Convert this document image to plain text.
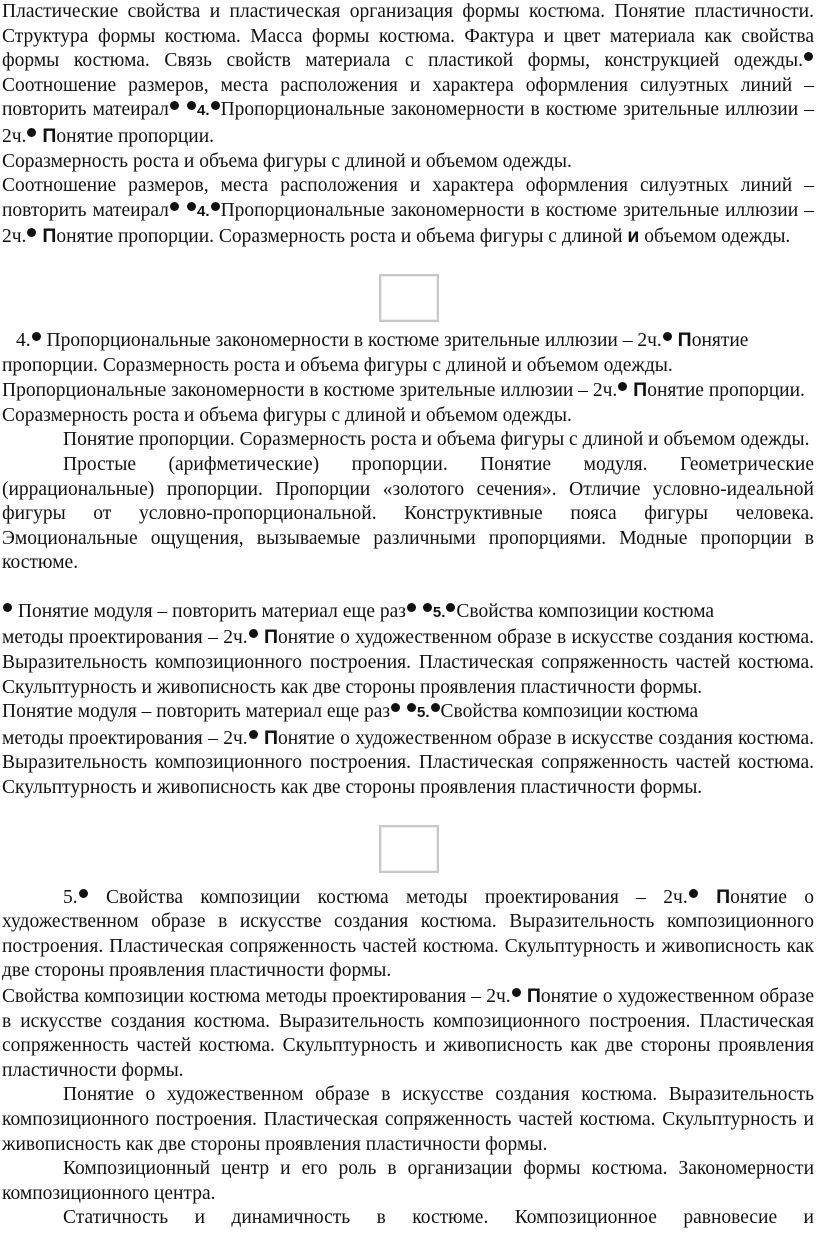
Пластические свойства и пластическая организация формы костюма. Понятие пластичности. Структура формы костюма. Масса формы костюма. Фактура и цвет материала как свойства формы костюма. Связь свойств материала с пластикой формы, конструкцией одежды. Соотношение размеров, места расположения и характера оформления силуэтных линий – повторить матеирал 4. Пропорциональные закономерности в костюме зрительные иллюзии – 2ч. Понятие пропорции.

Соразмерность роста и объема фигуры с длиной и объемом одежды.

Соотношение размеров, места расположения и характера оформления силуэтных линий – повторить матеирал 4. Пропорциональные закономерности в костюме зрительные иллюзии – 2ч. Понятие пропорции. Соразмерность роста и объема фигуры с длиной и объемом одежды.

4. Пропорциональные закономерности в костюме зрительные иллюзии – 2ч. Понятие пропорции. Соразмерность роста и объема фигуры с длиной и объемом одежды.

Пропорциональные закономерности в костюме зрительные иллюзии – 2ч. Понятие пропорции. Соразмерность роста и объема фигуры с длиной и объемом одежды.

Понятие пропорции. Соразмерность роста и объема фигуры с длиной и объемом одежды.

Простые (арифметические) пропорции. Понятие модуля. Геометрические (иррациональные) пропорции. Пропорции «золотого сечения». Отличие условно-идеальной фигуры от условно-пропорциональной. Конструктивные пояса фигуры человека. Эмоциональные ощущения, вызываемые различными пропорциями. Модные пропорции в костюме.

Понятие модуля – повторить материал еще раз 5. Свойства композиции костюма
методы проектирования – 2ч. Понятие о художественном образе в искусстве создания костюма. Выразительность композиционного построения. Пластическая сопряженность частей костюма. Скульптурность и живописность как две стороны проявления пластичности формы.

Понятие модуля – повторить материал еще раз 5. Свойства композиции костюма
методы проектирования – 2ч. Понятие о художественном образе в искусстве создания костюма. Выразительность композиционного построения. Пластическая сопряженность частей костюма. Скульптурность и живописность как две стороны проявления пластичности формы.

5. Свойства композиции костюма методы проектирования – 2ч. Понятие о художественном образе в искусстве создания костюма. Выразительность композиционного построения. Пластическая сопряженность частей костюма. Скульптурность и живописность как две стороны проявления пластичности формы.

Свойства композиции костюма методы проектирования – 2ч. Понятие о художественном образе в искусстве создания костюма. Выразительность композиционного построения. Пластическая сопряженность частей костюма. Скульптурность и живописность как две стороны проявления пластичности формы.

Понятие о художественном образе в искусстве создания костюма. Выразительность композиционного построения. Пластическая сопряженность частей костюма. Скульптурность и живописность как две стороны проявления пластичности формы.

Композиционный центр и его роль в организации формы костюма. Закономерности композиционного центра.

Статичность и динамичность в костюме. Композиционное равновесие и
